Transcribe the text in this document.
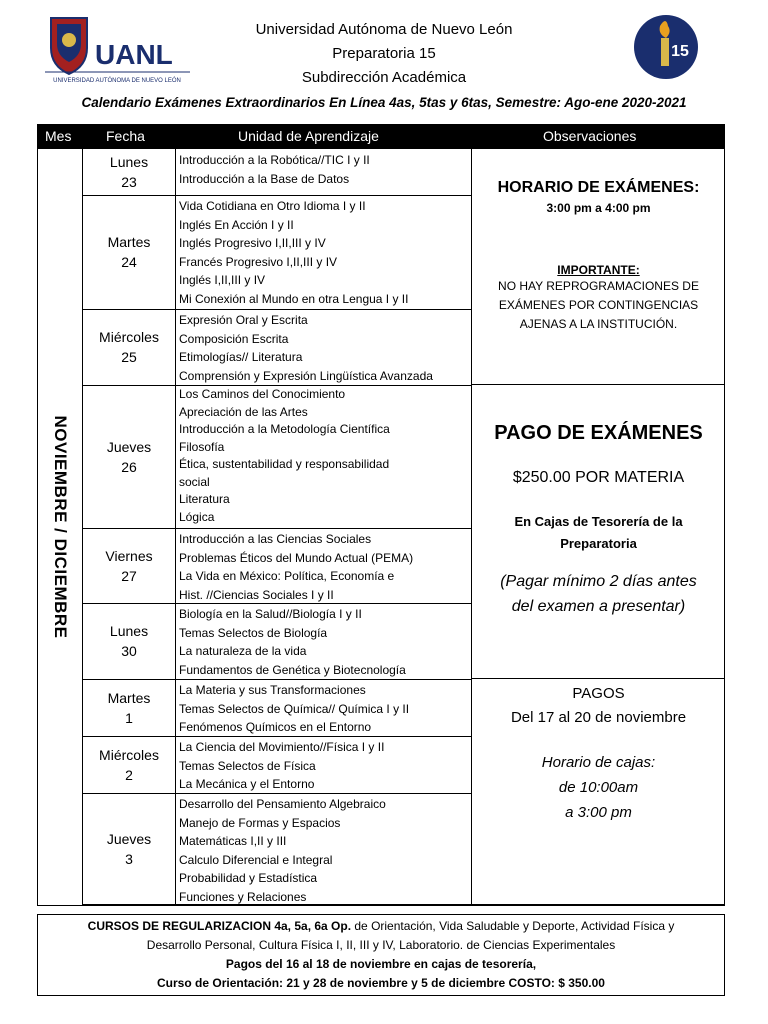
UANL
UNIVERSIDAD AUTÓNOMA DE NUEVO LEÓN
15
Universidad Autónoma de Nuevo León
Preparatoria 15
Subdirección Académica
Calendario Exámenes Extraordinarios En Línea 4as, 5tas y 6tas, Semestre: Ago-ene 2020-2021
Mes Fecha	Unidad de Aprendizaje	Observaciones
NOVIEMBRE / DICIEMBRE
Lunes
23
Introducción a la Robótica//TIC I y II
Introducción a la Base de Datos
Martes
24
Vida Cotidiana en Otro Idioma I y II
Inglés En Acción I y II
Inglés Progresivo I,II,III y IV
Francés Progresivo I,II,III y IV
Inglés I,II,III y IV
Mi Conexión al Mundo en otra Lengua I y II
Miércoles
25
Expresión Oral y Escrita
Composición Escrita
Etimologías// Literatura
Comprensión y Expresión Lingüística Avanzada
Jueves
26
Los Caminos del Conocimiento
Apreciación de las Artes
Introducción a la Metodología Científica
Filosofía
Ética, sustentabilidad y responsabilidad
social
Literatura
Lógica
Viernes
27
Introducción a las Ciencias Sociales
Problemas Éticos del Mundo Actual (PEMA)
La Vida en México: Política, Economía e
Hist. //Ciencias Sociales I y II
Lunes
30
Biología en la Salud//Biología I y II
Temas Selectos de Biología
La naturaleza de la vida
Fundamentos de Genética y Biotecnología
Martes
1
La Materia y sus Transformaciones
Temas Selectos de Química// Química I y II
Fenómenos Químicos en el Entorno
Miércoles
2
La Ciencia del Movimiento//Física I y II
Temas Selectos de Física
La Mecánica y el Entorno
Jueves
3
Desarrollo del Pensamiento Algebraico
Manejo de Formas y Espacios
Matemáticas I,II y III
Calculo Diferencial e Integral
Probabilidad y Estadística
Funciones y Relaciones
HORARIO DE EXÁMENES:
3:00 pm a 4:00 pm
IMPORTANTE:
NO HAY REPROGRAMACIONES DE
EXÁMENES POR CONTINGENCIAS
AJENAS A LA INSTITUCIÓN.
PAGO DE EXÁMENES
$250.00 POR MATERIA
En Cajas de Tesorería de la
Preparatoria
(Pagar mínimo 2 días antes
del examen a presentar)
PAGOS
Del 17 al 20 de noviembre
Horario de cajas:
de 10:00am
a 3:00 pm
CURSOS DE REGULARIZACION 4a, 5a, 6a Op. de Orientación, Vida Saludable y Deporte, Actividad Física y
Desarrollo Personal, Cultura Física I, II, III y IV, Laboratorio. de Ciencias Experimentales
Pagos del 16 al 18 de noviembre en cajas de tesorería,
Curso de Orientación: 21 y 28 de noviembre y 5 de diciembre COSTO: $ 350.00
